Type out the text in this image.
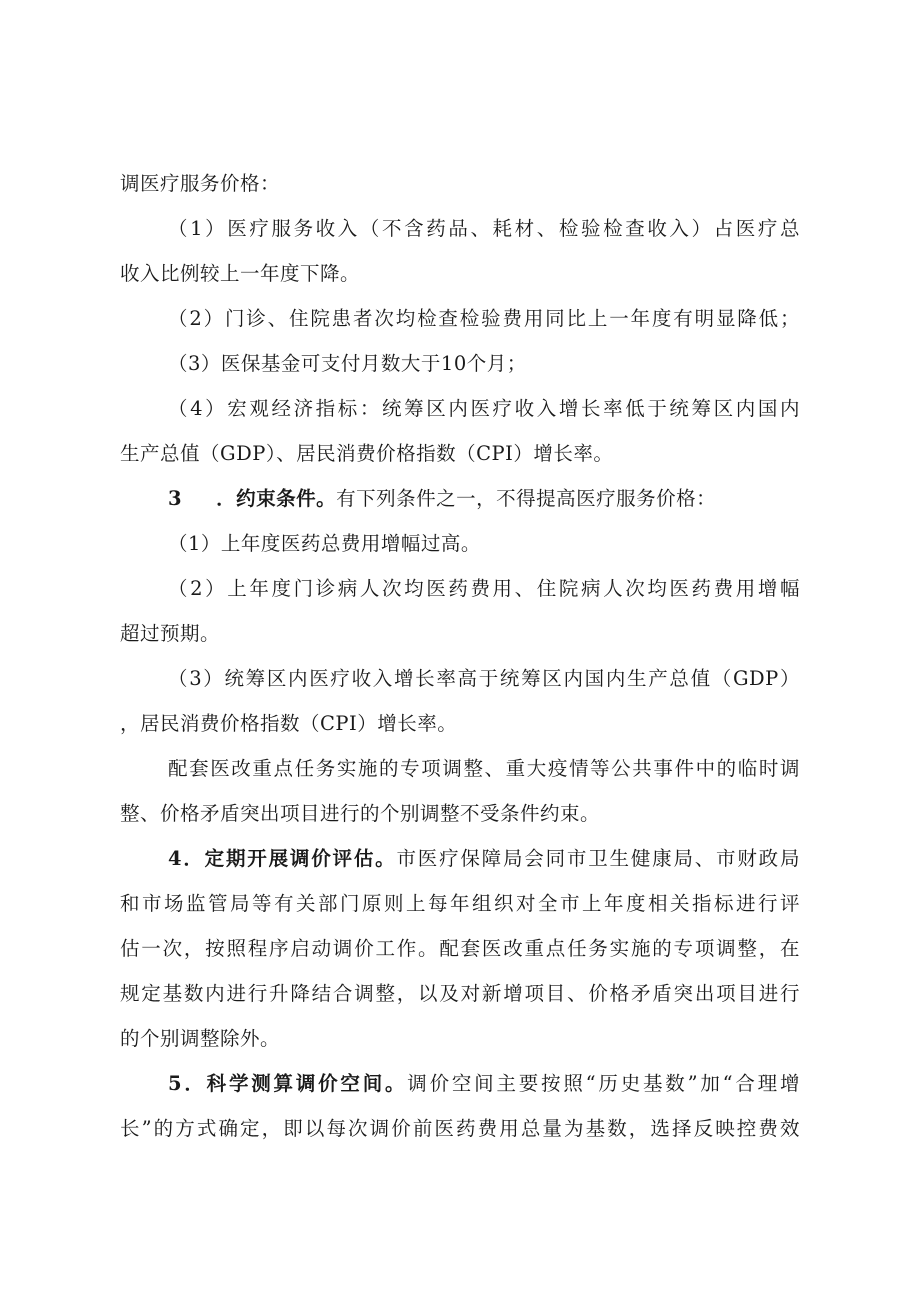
调医疗服务价格：
（1）医疗服务收入（不含药品、耗材、检验检查收入）占医疗总
收入比例较上一年度下降。
（2）门诊、住院患者次均检查检验费用同比上一年度有明显降低；
（3）医保基金可支付月数大于10个月；
（4）宏观经济指标：统筹区内医疗收入增长率低于统筹区内国内
生产总值（GDP）、居民消费价格指数（CPI）增长率。
3 ．约束条件。有下列条件之一，不得提高医疗服务价格：
（1）上年度医药总费用增幅过高。
（2）上年度门诊病人次均医药费用、住院病人次均医药费用增幅
超过预期。
（3）统筹区内医疗收入增长率高于统筹区内国内生产总值（GDP）
，居民消费价格指数（CPI）增长率。
配套医改重点任务实施的专项调整、重大疫情等公共事件中的临时调
整、价格矛盾突出项目进行的个别调整不受条件约束。
4．定期开展调价评估。市医疗保障局会同市卫生健康局、市财政局
和市场监管局等有关部门原则上每年组织对全市上年度相关指标进行评
估一次，按照程序启动调价工作。配套医改重点任务实施的专项调整，在
规定基数内进行升降结合调整，以及对新增项目、价格矛盾突出项目进行
的个别调整除外。
5．科学测算调价空间。调价空间主要按照“历史基数”加“合理增
长”的方式确定，即以每次调价前医药费用总量为基数，选择反映控费效
